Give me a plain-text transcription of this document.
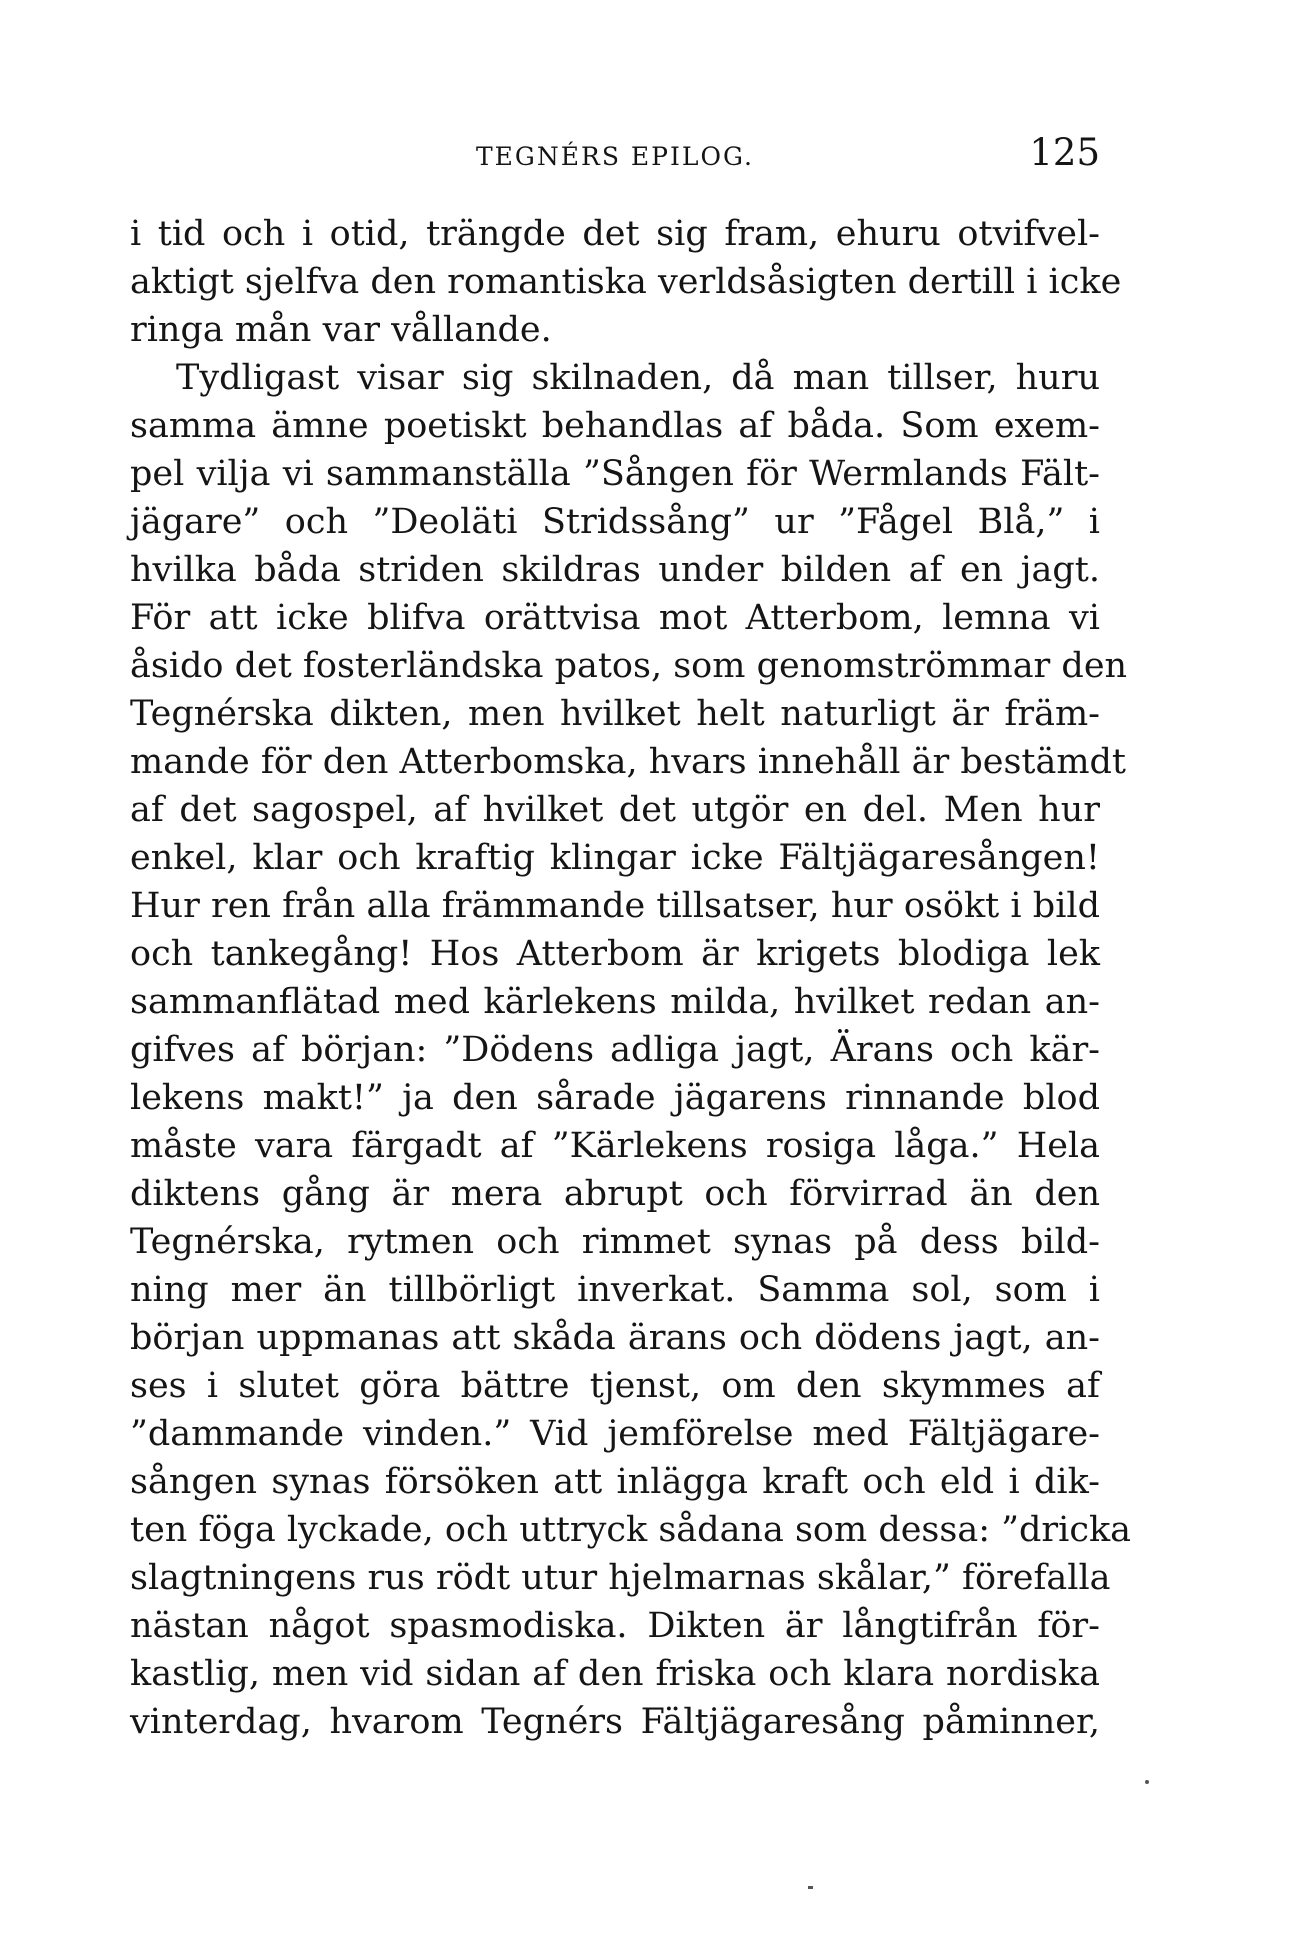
TEGNÉRS EPILOG.	125
i tid och i otid, trängde det sig fram, ehuru otvifvel-
aktigt sjelfva den romantiska verldsåsigten dertill i icke
ringa mån var vållande.
Tydligast visar sig skilnaden, då man tillser, huru
samma ämne poetiskt behandlas af båda. Som exem-
pel vilja vi sammanställa ”Sången för Wermlands Fält-
jägare” och ”Deoläti Stridssång” ur ”Fågel Blå,” i
hvilka båda striden skildras under bilden af en jagt.
För att icke blifva orättvisa mot Atterbom, lemna vi
åsido det fosterländska patos, som genomströmmar den
Tegnérska dikten, men hvilket helt naturligt är främ-
mande för den Atterbomska, hvars innehåll är bestämdt
af det sagospel, af hvilket det utgör en del. Men hur
enkel, klar och kraftig klingar icke Fältjägaresången!
Hur ren från alla främmande tillsatser, hur osökt i bild
och tankegång! Hos Atterbom är krigets blodiga lek
sammanflätad med kärlekens milda, hvilket redan an-
gifves af början: ”Dödens adliga jagt, Ärans och kär-
lekens makt!” ja den sårade jägarens rinnande blod
måste vara färgadt af ”Kärlekens rosiga låga.” Hela
diktens gång är mera abrupt och förvirrad än den
Tegnérska, rytmen och rimmet synas på dess bild-
ning mer än tillbörligt inverkat. Samma sol, som i
början uppmanas att skåda ärans och dödens jagt, an-
ses i slutet göra bättre tjenst, om den skymmes af
”dammande vinden.” Vid jemförelse med Fältjägare-
sången synas försöken att inlägga kraft och eld i dik-
ten föga lyckade, och uttryck sådana som dessa: ”dricka
slagtningens rus rödt utur hjelmarnas skålar,” förefalla
nästan något spasmodiska. Dikten är långtifrån för-
kastlig, men vid sidan af den friska och klara nordiska
vinterdag, hvarom Tegnérs Fältjägaresång påminner,
